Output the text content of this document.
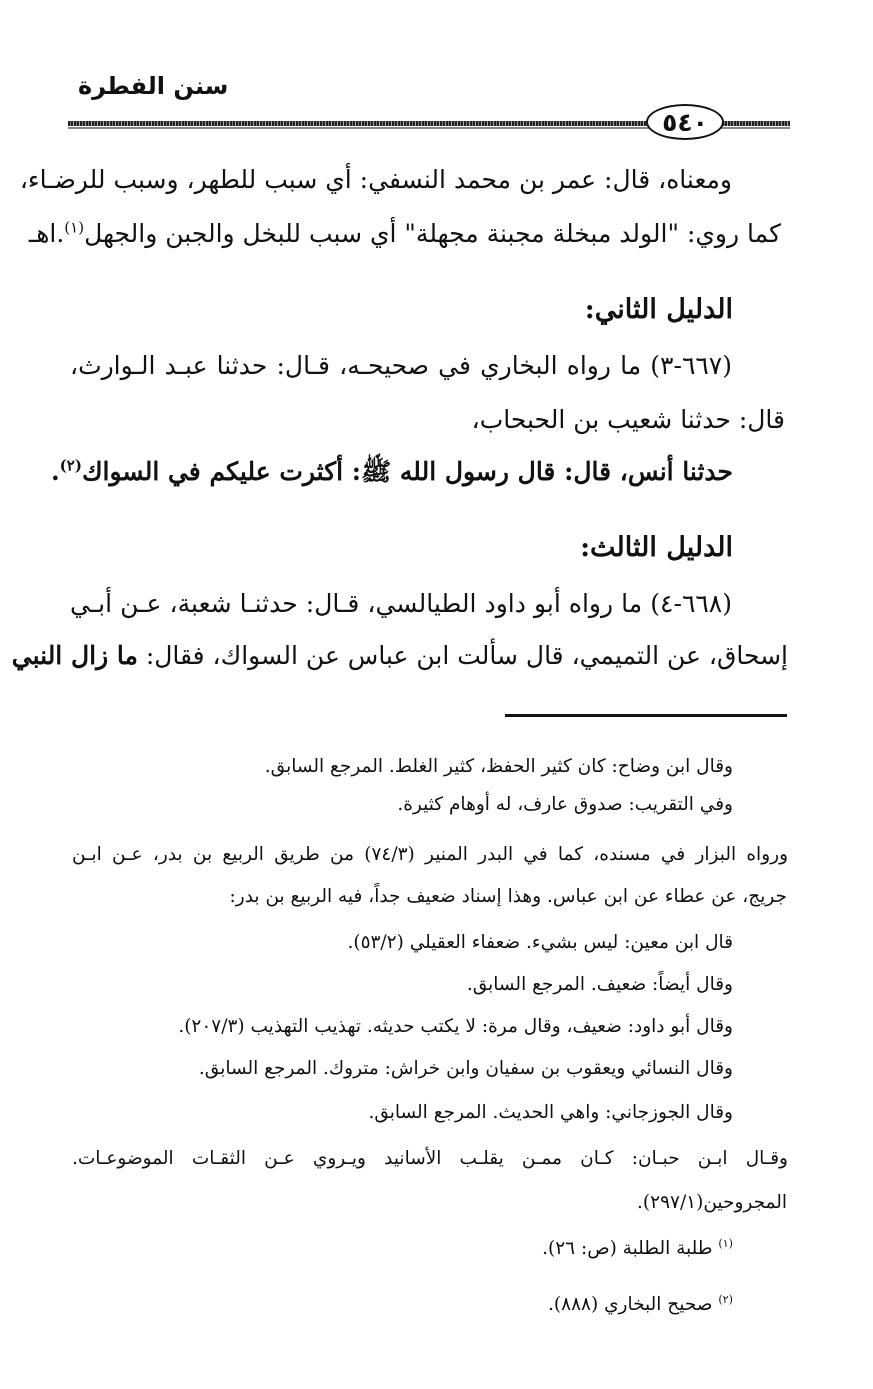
سنن الفطرة
٥٤٠

ومعناه، قال: عمر بن محمد النسفي: أي سبب للطهر، وسبب للرضـاء،

كما روي: "الولد مبخلة مجبنة مجهلة" أي سبب للبخل والجبن والجهل$^{(١)}$.اهـ

الدليل الثاني:

(٦٦٧-٣) ما رواه البخاري في صحيحـه، قـال: حدثنا عبـد الـوارث،

قال: حدثنا شعيب بن الحبحاب،

حدثنا أنس، قال: قال رسول الله ﷺ: أكثرت عليكم في السواك$^{(٢)}$.

الدليل الثالث:

(٦٦٨-٤) ما رواه أبو داود الطيالسي، قـال: حدثنـا شعبة، عـن أبـي

إسحاق، عن التميمي، قال سألت ابن عباس عن السواك، فقال: ما زال النبي

وقال ابن وضاح: كان كثير الحفظ، كثير الغلط. المرجع السابق.

وفي التقريب: صدوق عارف، له أوهام كثيرة.

ورواه البزار في مسنده، كما في البدر المنير (٧٤/٣) من طريق الربيع بن بدر، عـن ابـن

جريج، عن عطاء عن ابن عباس. وهذا إسناد ضعيف جداً، فيه الربيع بن بدر:

قال ابن معين: ليس بشيء. ضعفاء العقيلي (٥٣/٢).

وقال أيضاً: ضعيف. المرجع السابق.

وقال أبو داود: ضعيف، وقال مرة: لا يكتب حديثه. تهذيب التهذيب (٢٠٧/٣).

وقال النسائي ويعقوب بن سفيان وابن خراش: متروك. المرجع السابق.

وقال الجوزجاني: واهي الحديث. المرجع السابق.

وقـال ابـن حبـان: كـان ممـن يقلـب الأسانيد ويـروي عـن الثقـات الموضوعـات.

المجروحين(٢٩٧/١).

$^{(١)}$ طلبة الطلبة (ص: ٢٦).

$^{(٢)}$ صحيح البخاري (٨٨٨).
